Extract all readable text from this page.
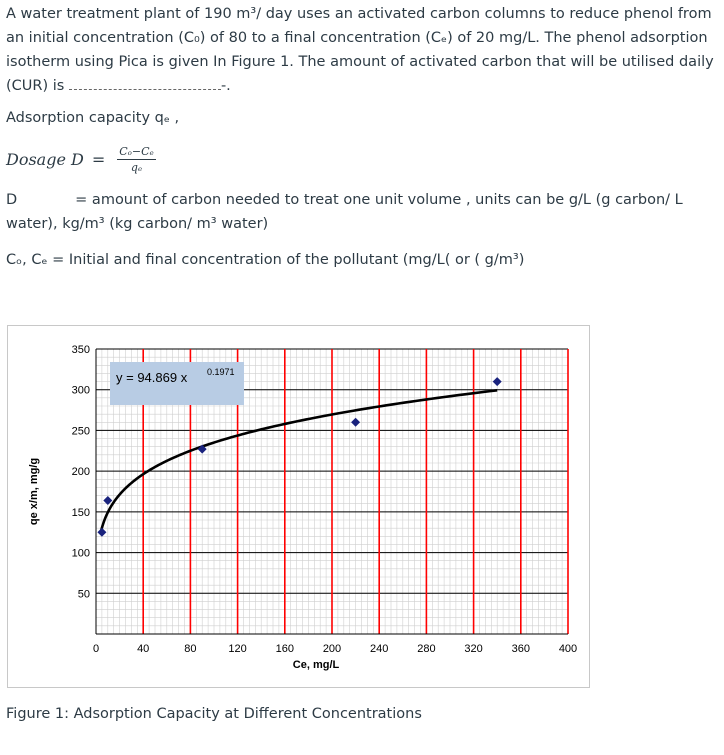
A water treatment plant of 190 m³/ day uses an activated carbon columns to reduce phenol from an initial concentration (C₀) of 80 to a final concentration (Cₑ) of 20 mg/L. The phenol adsorption isotherm using Pica is given In Figure 1. The amount of activated carbon that will be utilised daily (CUR) is	-.
Adsorption capacity qₑ ,
Dosage $D = \frac{\text{Cₒ−Cₑ}}{\text{qₑ}}$
D	= amount of carbon needed to treat one unit volume , units can be g/L (g carbon/ L water), kg/m³ (kg carbon/ m³ water)
Cₒ, Cₑ = Initial and final concentration of the pollutant (mg/L( or ( g/m³)
50
100
150
200
250
300
350
0	40	80	120	160	200	240	280	320	360	400
Ce, mg/L
qe x/m, mg/g
y = 94.869 x 0.1971
Figure 1: Adsorption Capacity at Different Concentrations
